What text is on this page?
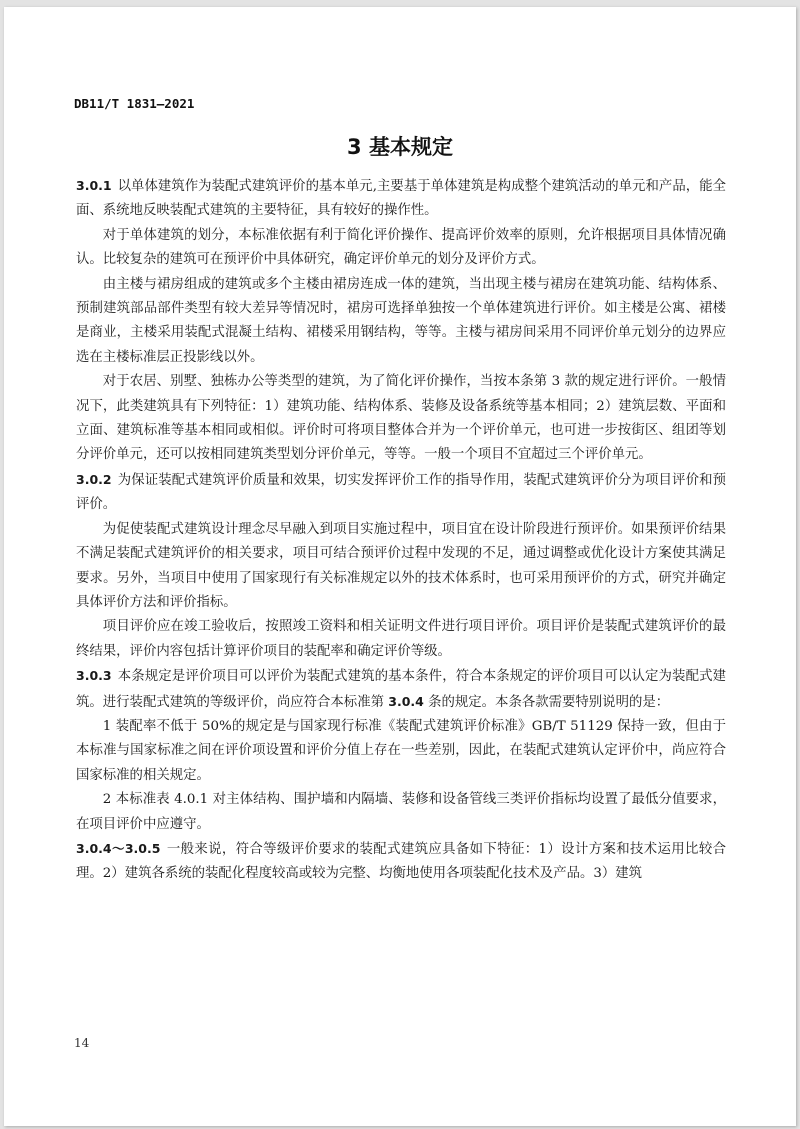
DB11/T 1831—2021
3 基本规定

3.0.1 以单体建筑作为装配式建筑评价的基本单元,主要基于单体建筑是构成整个建筑活动的单元和产品，能全面、系统地反映装配式建筑的主要特征，具有较好的操作性。

对于单体建筑的划分，本标准依据有利于简化评价操作、提高评价效率的原则，允许根据项目具体情况确认。比较复杂的建筑可在预评价中具体研究，确定评价单元的划分及评价方式。

由主楼与裙房组成的建筑或多个主楼由裙房连成一体的建筑，当出现主楼与裙房在建筑功能、结构体系、预制建筑部品部件类型有较大差异等情况时，裙房可选择单独按一个单体建筑进行评价。如主楼是公寓、裙楼是商业，主楼采用装配式混凝土结构、裙楼采用钢结构，等等。主楼与裙房间采用不同评价单元划分的边界应选在主楼标准层正投影线以外。

对于农居、别墅、独栋办公等类型的建筑，为了简化评价操作，当按本条第 3 款的规定进行评价。一般情况下，此类建筑具有下列特征：1）建筑功能、结构体系、装修及设备系统等基本相同；2）建筑层数、平面和立面、建筑标准等基本相同或相似。评价时可将项目整体合并为一个评价单元，也可进一步按街区、组团等划分评价单元，还可以按相同建筑类型划分评价单元，等等。一般一个项目不宜超过三个评价单元。

3.0.2 为保证装配式建筑评价质量和效果，切实发挥评价工作的指导作用，装配式建筑评价分为项目评价和预评价。

为促使装配式建筑设计理念尽早融入到项目实施过程中，项目宜在设计阶段进行预评价。如果预评价结果不满足装配式建筑评价的相关要求，项目可结合预评价过程中发现的不足，通过调整或优化设计方案使其满足要求。另外，当项目中使用了国家现行有关标准规定以外的技术体系时，也可采用预评价的方式，研究并确定具体评价方法和评价指标。

项目评价应在竣工验收后，按照竣工资料和相关证明文件进行项目评价。项目评价是装配式建筑评价的最终结果，评价内容包括计算评价项目的装配率和确定评价等级。

3.0.3 本条规定是评价项目可以评价为装配式建筑的基本条件，符合本条规定的评价项目可以认定为装配式建筑。进行装配式建筑的等级评价，尚应符合本标准第 3.0.4 条的规定。本条各款需要特别说明的是：

1 装配率不低于 50%的规定是与国家现行标准《装配式建筑评价标准》GB/T 51129 保持一致，但由于本标准与国家标准之间在评价项设置和评价分值上存在一些差别，因此，在装配式建筑认定评价中，尚应符合国家标准的相关规定。

2 本标准表 4.0.1 对主体结构、围护墙和内隔墙、装修和设备管线三类评价指标均设置了最低分值要求，在项目评价中应遵守。

3.0.4～3.0.5 一般来说，符合等级评价要求的装配式建筑应具备如下特征：1）设计方案和技术运用比较合理。2）建筑各系统的装配化程度较高或较为完整、均衡地使用各项装配化技术及产品。3）建筑

14
